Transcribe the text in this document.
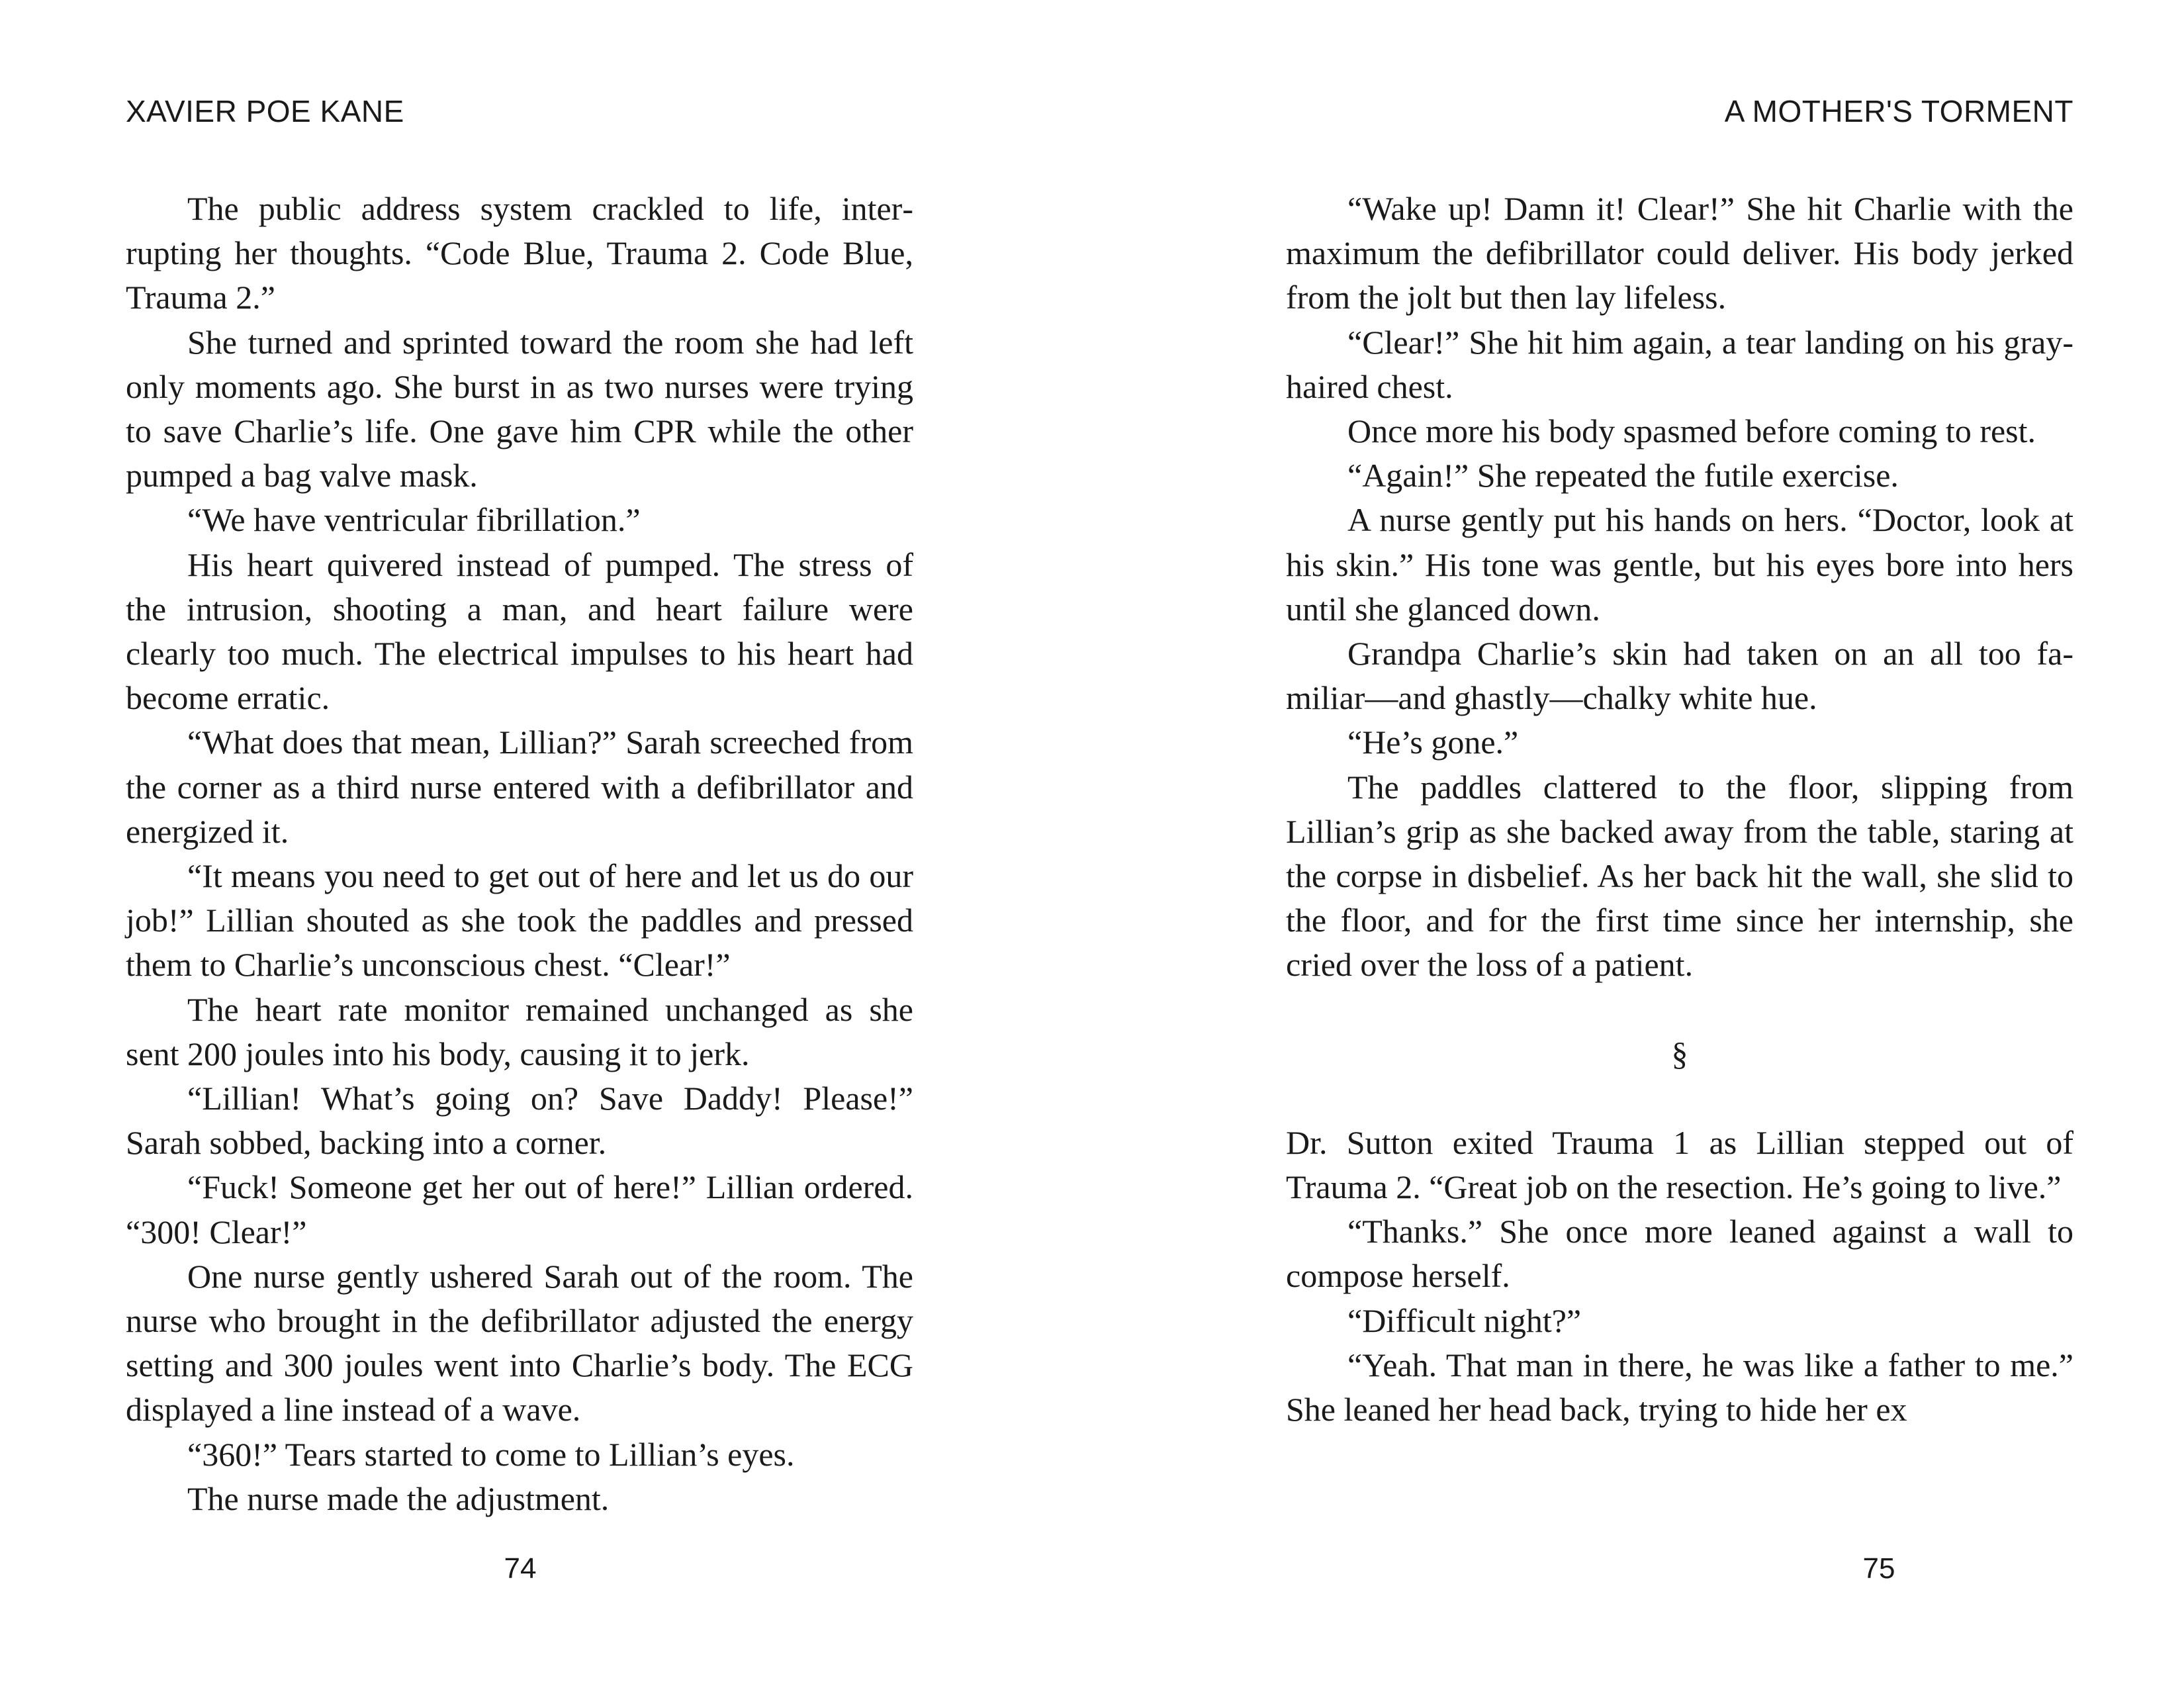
XAVIER POE KANE

The public address system crackled to life, interrupting her thoughts. “Code Blue, Trauma 2. Code Blue, Trauma 2.”

She turned and sprinted toward the room she had left only moments ago. She burst in as two nurses were trying to save Charlie’s life. One gave him CPR while the other pumped a bag valve mask.

“We have ventricular fibrillation.”

His heart quivered instead of pumped. The stress of the intrusion, shooting a man, and heart failure were clearly too much. The electrical impulses to his heart had become erratic.

“What does that mean, Lillian?” Sarah screeched from the corner as a third nurse entered with a defibrillator and energized it.

“It means you need to get out of here and let us do our job!” Lillian shouted as she took the paddles and pressed them to Charlie’s unconscious chest. “Clear!”

The heart rate monitor remained unchanged as she sent 200 joules into his body, causing it to jerk.

“Lillian! What’s going on? Save Daddy! Please!” Sarah sobbed, backing into a corner.

“Fuck! Someone get her out of here!” Lillian ordered. “300! Clear!”

One nurse gently ushered Sarah out of the room. The nurse who brought in the defibrillator adjusted the energy setting and 300 joules went into Charlie’s body. The ECG displayed a line instead of a wave.

“360!” Tears started to come to Lillian’s eyes.

The nurse made the adjustment.

74
A MOTHER'S TORMENT

“Wake up! Damn it! Clear!” She hit Charlie with the maximum the defibrillator could deliver. His body jerked from the jolt but then lay lifeless.

“Clear!” She hit him again, a tear landing on his gray-haired chest.

Once more his body spasmed before coming to rest.

“Again!” She repeated the futile exercise.

A nurse gently put his hands on hers. “Doctor, look at his skin.” His tone was gentle, but his eyes bore into hers until she glanced down.

Grandpa Charlie’s skin had taken on an all too familiar—and ghastly—chalky white hue.

“He’s gone.”

The paddles clattered to the floor, slipping from Lillian’s grip as she backed away from the table, staring at the corpse in disbelief. As her back hit the wall, she slid to the floor, and for the first time since her internship, she cried over the loss of a patient.

§

Dr. Sutton exited Trauma 1 as Lillian stepped out of Trauma 2. “Great job on the resection. He’s going to live.”

“Thanks.” She once more leaned against a wall to compose herself.

“Difficult night?”

“Yeah. That man in there, he was like a father to me.” She leaned her head back, trying to hide her ex

75
